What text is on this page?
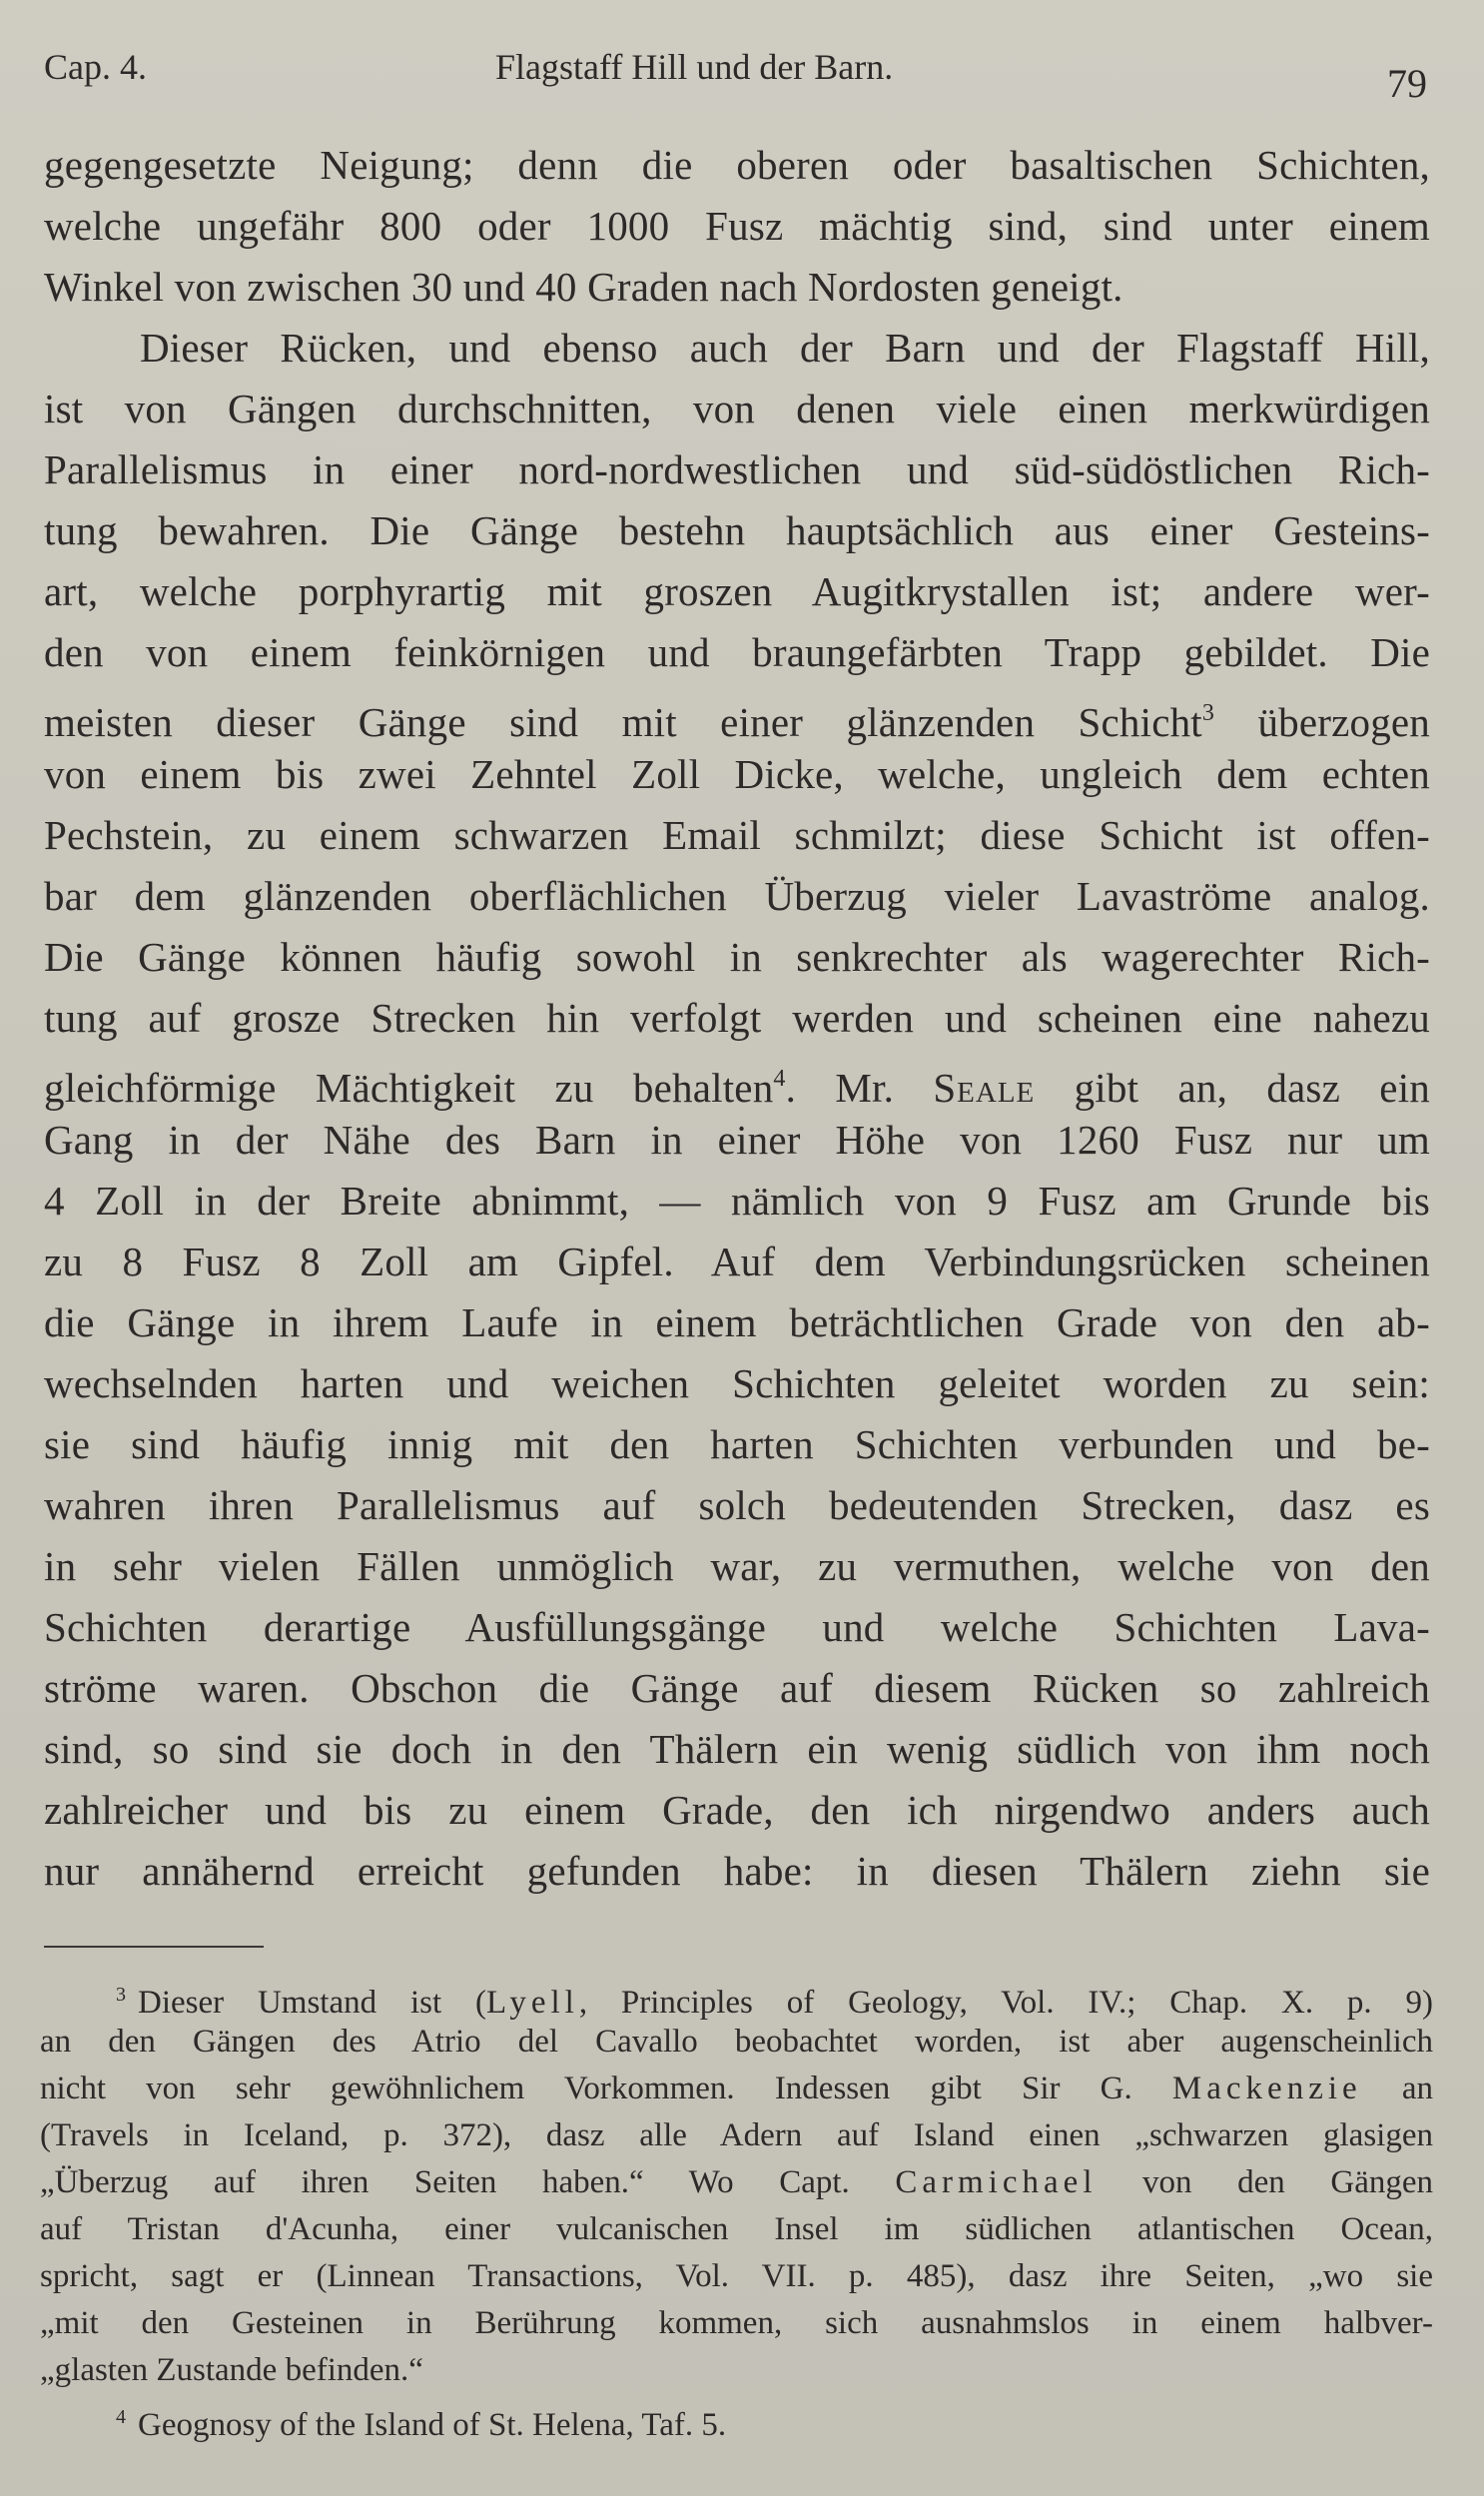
Cap. 4.	Flagstaff Hill und der Barn.	79
gegengesetzte Neigung; denn die oberen oder basaltischen Schichten,
welche ungefähr 800 oder 1000 Fusz mächtig sind, sind unter einem
Winkel von zwischen 30 und 40 Graden nach Nordosten geneigt.
Dieser Rücken, und ebenso auch der Barn und der Flagstaff Hill,
ist von Gängen durchschnitten, von denen viele einen merkwürdigen
Parallelismus in einer nord-nordwestlichen und süd-südöstlichen Rich-
tung bewahren. Die Gänge bestehn hauptsächlich aus einer Gesteins-
art, welche porphyrartig mit groszen Augitkrystallen ist; andere wer-
den von einem feinkörnigen und braungefärbten Trapp gebildet. Die
meisten dieser Gänge sind mit einer glänzenden Schicht$^3$ überzogen
von einem bis zwei Zehntel Zoll Dicke, welche, ungleich dem echten
Pechstein, zu einem schwarzen Email schmilzt; diese Schicht ist offen-
bar dem glänzenden oberflächlichen Überzug vieler Lavaströme analog.
Die Gänge können häufig sowohl in senkrechter als wagerechter Rich-
tung auf grosze Strecken hin verfolgt werden und scheinen eine nahezu
gleichförmige Mächtigkeit zu behalten$^4$. Mr. Seale gibt an, dasz ein
Gang in der Nähe des Barn in einer Höhe von 1260 Fusz nur um
4 Zoll in der Breite abnimmt, — nämlich von 9 Fusz am Grunde bis
zu 8 Fusz 8 Zoll am Gipfel. Auf dem Verbindungsrücken scheinen
die Gänge in ihrem Laufe in einem beträchtlichen Grade von den ab-
wechselnden harten und weichen Schichten geleitet worden zu sein:
sie sind häufig innig mit den harten Schichten verbunden und be-
wahren ihren Parallelismus auf solch bedeutenden Strecken, dasz es
in sehr vielen Fällen unmöglich war, zu vermuthen, welche von den
Schichten derartige Ausfüllungsgänge und welche Schichten Lava-
ströme waren. Obschon die Gänge auf diesem Rücken so zahlreich
sind, so sind sie doch in den Thälern ein wenig südlich von ihm noch
zahlreicher und bis zu einem Grade, den ich nirgendwo anders auch
nur annähernd erreicht gefunden habe: in diesen Thälern ziehn sie
$^3$ Dieser Umstand ist (Lyell, Principles of Geology, Vol. IV.; Chap. X. p. 9)
an den Gängen des Atrio del Cavallo beobachtet worden, ist aber augenscheinlich
nicht von sehr gewöhnlichem Vorkommen. Indessen gibt Sir G. Mackenzie an
(Travels in Iceland, p. 372), dasz alle Adern auf Island einen „schwarzen glasigen
„Überzug auf ihren Seiten haben.“ Wo Capt. Carmichael von den Gängen
auf Tristan d'Acunha, einer vulcanischen Insel im südlichen atlantischen Ocean,
spricht, sagt er (Linnean Transactions, Vol. VII. p. 485), dasz ihre Seiten, „wo sie
„mit den Gesteinen in Berührung kommen, sich ausnahmslos in einem halbver-
„glasten Zustande befinden.“
$^4$ Geognosy of the Island of St. Helena, Taf. 5.
